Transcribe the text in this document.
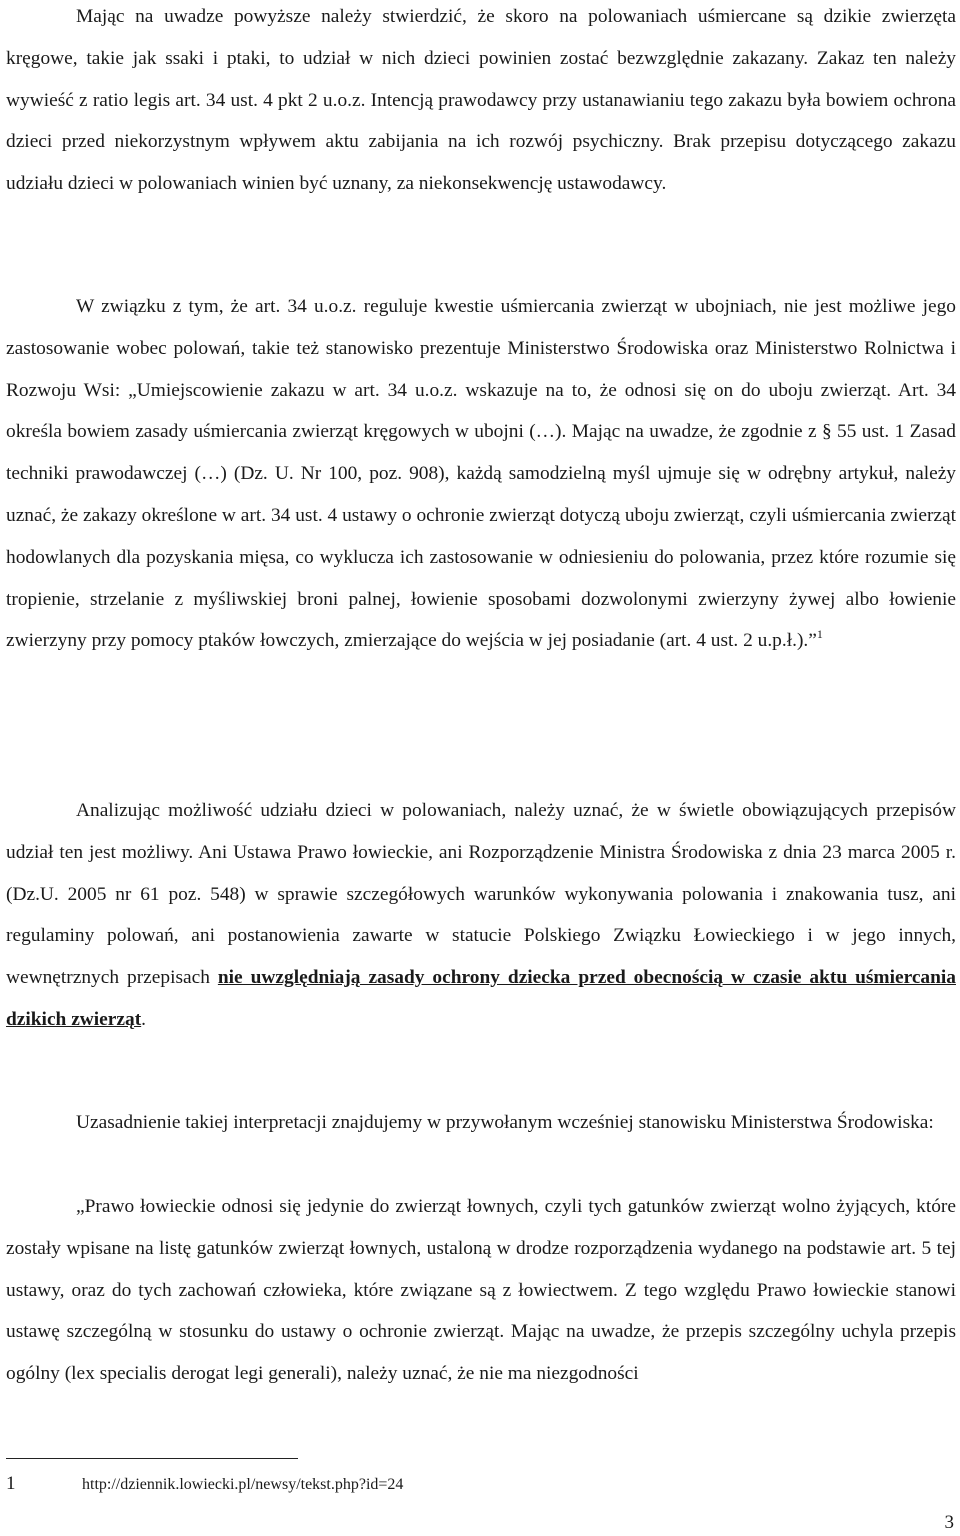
Mając na uwadze powyższe należy stwierdzić, że skoro na polowaniach uśmiercane są dzikie zwierzęta kręgowe, takie jak ssaki i ptaki, to udział w nich dzieci powinien zostać bezwzględnie zakazany. Zakaz ten należy wywieść z ratio legis art. 34 ust. 4 pkt 2 u.o.z. Intencją prawodawcy przy ustanawianiu tego zakazu była bowiem ochrona dzieci przed niekorzystnym wpływem aktu zabijania na ich rozwój psychiczny. Brak przepisu dotyczącego zakazu udziału dzieci w polowaniach winien być uznany, za niekonsekwencję ustawodawcy.

W związku z tym, że art. 34 u.o.z. reguluje kwestie uśmiercania zwierząt w ubojniach, nie jest możliwe jego zastosowanie wobec polowań, takie też stanowisko prezentuje Ministerstwo Środowiska oraz Ministerstwo Rolnictwa i Rozwoju Wsi: „Umiejscowienie zakazu w art. 34 u.o.z. wskazuje na to, że odnosi się on do uboju zwierząt. Art. 34 określa bowiem zasady uśmiercania zwierząt kręgowych w ubojni (…). Mając na uwadze, że zgodnie z § 55 ust. 1 Zasad techniki prawodawczej (…) (Dz. U. Nr 100, poz. 908), każdą samodzielną myśl ujmuje się w odrębny artykuł, należy uznać, że zakazy określone w art. 34 ust. 4 ustawy o ochronie zwierząt dotyczą uboju zwierząt, czyli uśmiercania zwierząt hodowlanych dla pozyskania mięsa, co wyklucza ich zastosowanie w odniesieniu do polowania, przez które rozumie się tropienie, strzelanie z myśliwskiej broni palnej, łowienie sposobami dozwolonymi zwierzyny żywej albo łowienie zwierzyny przy pomocy ptaków łowczych, zmierzające do wejścia w jej posiadanie (art. 4 ust. 2 u.p.ł.).”$^1$

Analizując możliwość udziału dzieci w polowaniach, należy uznać, że w świetle obowiązujących przepisów udział ten jest możliwy. Ani Ustawa Prawo łowieckie, ani Rozporządzenie Ministra Środowiska z dnia 23 marca 2005 r. (Dz.U. 2005 nr 61 poz. 548) w sprawie szczegółowych warunków wykonywania polowania i znakowania tusz, ani regulaminy polowań, ani postanowienia zawarte w statucie Polskiego Związku Łowieckiego i w jego innych, wewnętrznych przepisach nie uwzględniają zasady ochrony dziecka przed obecnością w czasie aktu uśmiercania dzikich zwierząt.

Uzasadnienie takiej interpretacji znajdujemy w przywołanym wcześniej stanowisku Ministerstwa Środowiska:

„Prawo łowieckie odnosi się jedynie do zwierząt łownych, czyli tych gatunków zwierząt wolno żyjących, które zostały wpisane na listę gatunków zwierząt łownych, ustaloną w drodze rozporządzenia wydanego na podstawie art. 5 tej ustawy, oraz do tych zachowań człowieka, które związane są z łowiectwem. Z tego względu Prawo łowieckie stanowi ustawę szczególną w stosunku do ustawy o ochronie zwierząt. Mając na uwadze, że przepis szczególny uchyla przepis ogólny (lex specialis derogat legi generali), należy uznać, że nie ma niezgodności

1	http://dziennik.lowiecki.pl/newsy/tekst.php?id=24
3
